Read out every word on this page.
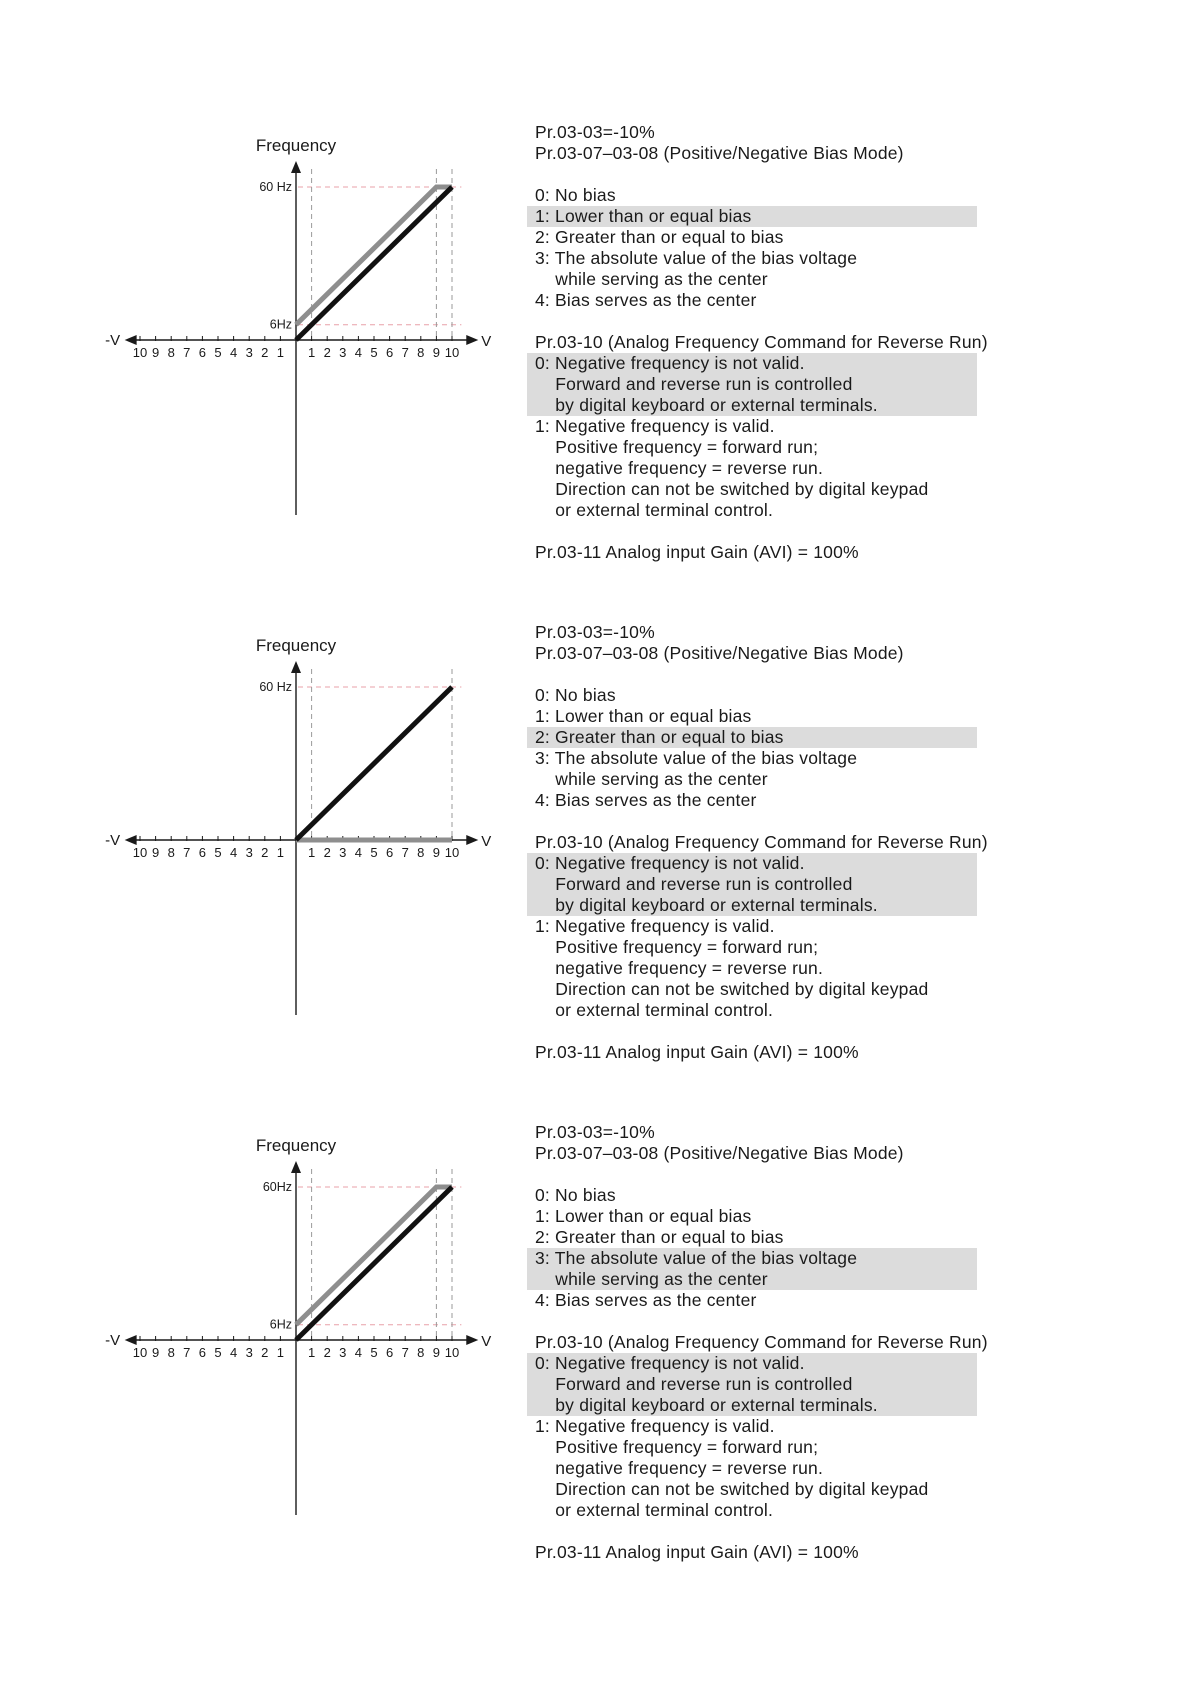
10 9 8 7 6 5 4 3 2 1 1 2 3 4 5 6 7 8 9 10
-V	V
Frequency
60 Hz
6Hz
Pr.03-03=-10%
Pr.03-07–03-08 (Positive/Negative Bias Mode)
0: No bias
1: Lower than or equal bias
2: Greater than or equal to bias
3: The absolute value of the bias voltage
while serving as the center
4: Bias serves as the center
Pr.03-10 (Analog Frequency Command for Reverse Run)
0: Negative frequency is not valid.
Forward and reverse run is controlled
by digital keyboard or external terminals.
1: Negative frequency is valid.
Positive frequency = forward run;
negative frequency = reverse run.
Direction can not be switched by digital keypad
or external terminal control.
Pr.03-11 Analog input Gain (AVI) = 100%
10 9 8 7 6 5 4 3 2 1 1 2 3 4 5 6 7 8 9 10
-V	V
Frequency
60 Hz
Pr.03-03=-10%
Pr.03-07–03-08 (Positive/Negative Bias Mode)
0: No bias
1: Lower than or equal bias
2: Greater than or equal to bias
3: The absolute value of the bias voltage
while serving as the center
4: Bias serves as the center
Pr.03-10 (Analog Frequency Command for Reverse Run)
0: Negative frequency is not valid.
Forward and reverse run is controlled
by digital keyboard or external terminals.
1: Negative frequency is valid.
Positive frequency = forward run;
negative frequency = reverse run.
Direction can not be switched by digital keypad
or external terminal control.
Pr.03-11 Analog input Gain (AVI) = 100%
10 9 8 7 6 5 4 3 2 1 1 2 3 4 5 6 7 8 9 10
-V	V
Frequency
60Hz
6Hz
Pr.03-03=-10%
Pr.03-07–03-08 (Positive/Negative Bias Mode)
0: No bias
1: Lower than or equal bias
2: Greater than or equal to bias
3: The absolute value of the bias voltage
while serving as the center
4: Bias serves as the center
Pr.03-10 (Analog Frequency Command for Reverse Run)
0: Negative frequency is not valid.
Forward and reverse run is controlled
by digital keyboard or external terminals.
1: Negative frequency is valid.
Positive frequency = forward run;
negative frequency = reverse run.
Direction can not be switched by digital keypad
or external terminal control.
Pr.03-11 Analog input Gain (AVI) = 100%
